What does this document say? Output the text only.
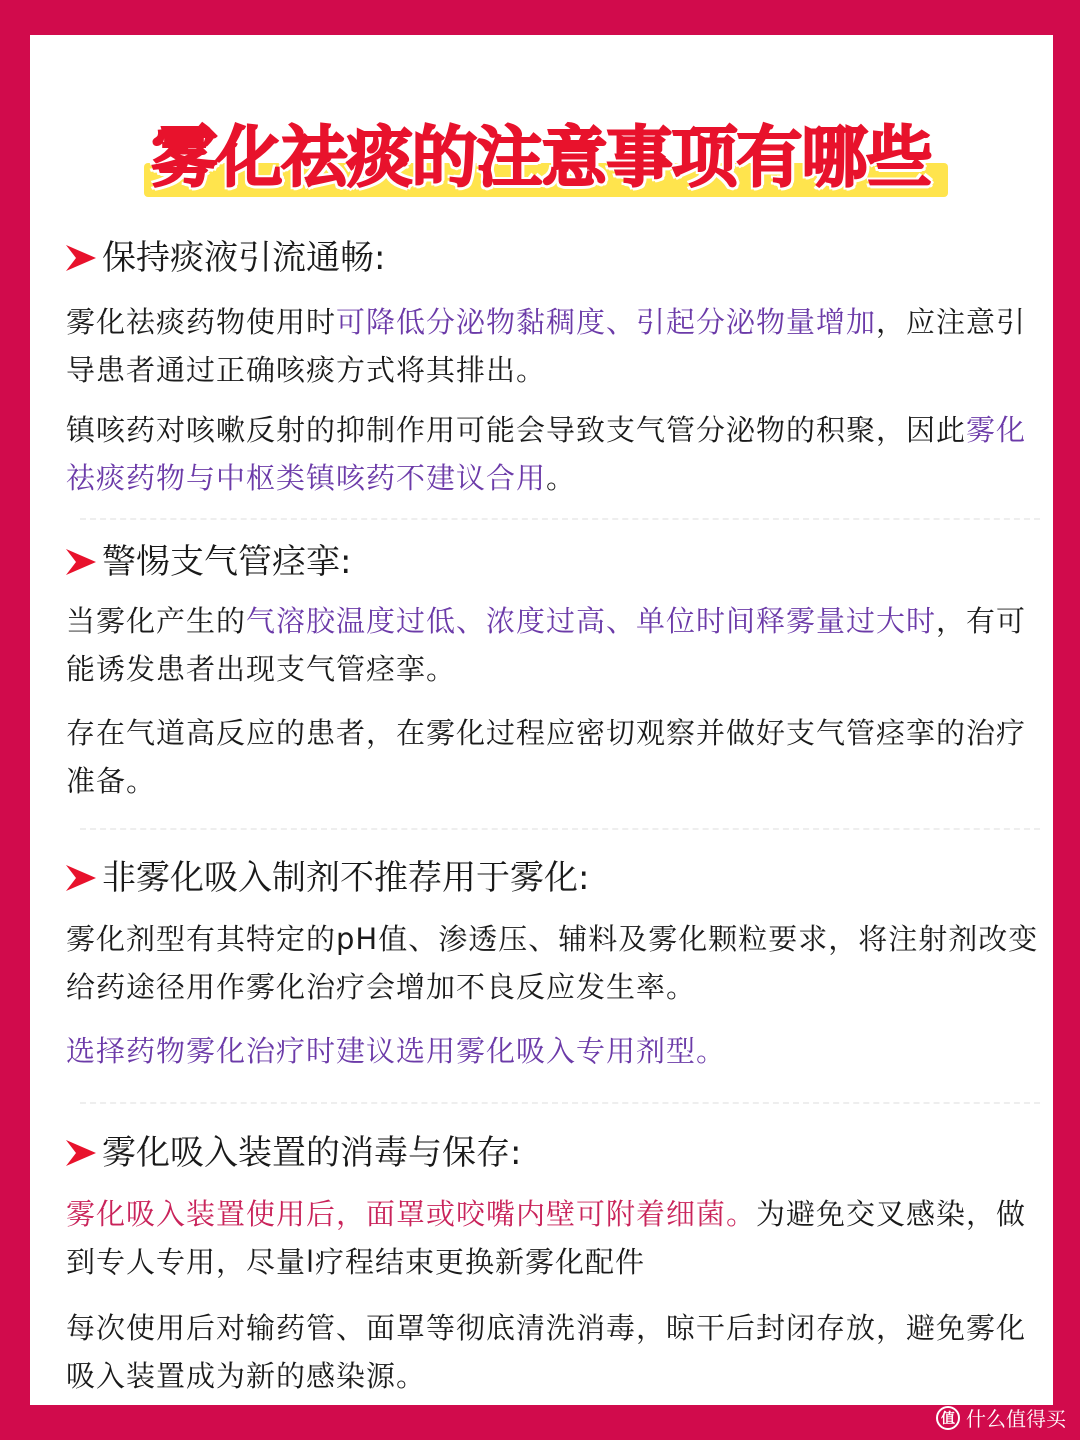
雾化祛痰的注意事项有哪些
保持痰液引流通畅:

雾化祛痰药物使用时可降低分泌物黏稠度、引起分泌物量增加，应注意引导患者通过正确咳痰方式将其排出。

镇咳药对咳嗽反射的抑制作用可能会导致支气管分泌物的积聚，因此雾化祛痰药物与中枢类镇咳药不建议合用。

警惕支气管痉挛:

当雾化产生的气溶胶温度过低、浓度过高、单位时间释雾量过大时，有可能诱发患者出现支气管痉挛。

存在气道高反应的患者，在雾化过程应密切观察并做好支气管痉挛的治疗准备。

非雾化吸入制剂不推荐用于雾化:

雾化剂型有其特定的pH值、渗透压、辅料及雾化颗粒要求，将注射剂改变给药途径用作雾化治疗会增加不良反应发生率。

选择药物雾化治疗时建议选用雾化吸入专用剂型。

雾化吸入装置的消毒与保存:

雾化吸入装置使用后，面罩或咬嘴内壁可附着细菌。为避免交叉感染，做到专人专用，尽量l疗程结束更换新雾化配件

每次使用后对输药管、面罩等彻底清洗消毒，晾干后封闭存放，避免雾化吸入装置成为新的感染源。

值 什么值得买
